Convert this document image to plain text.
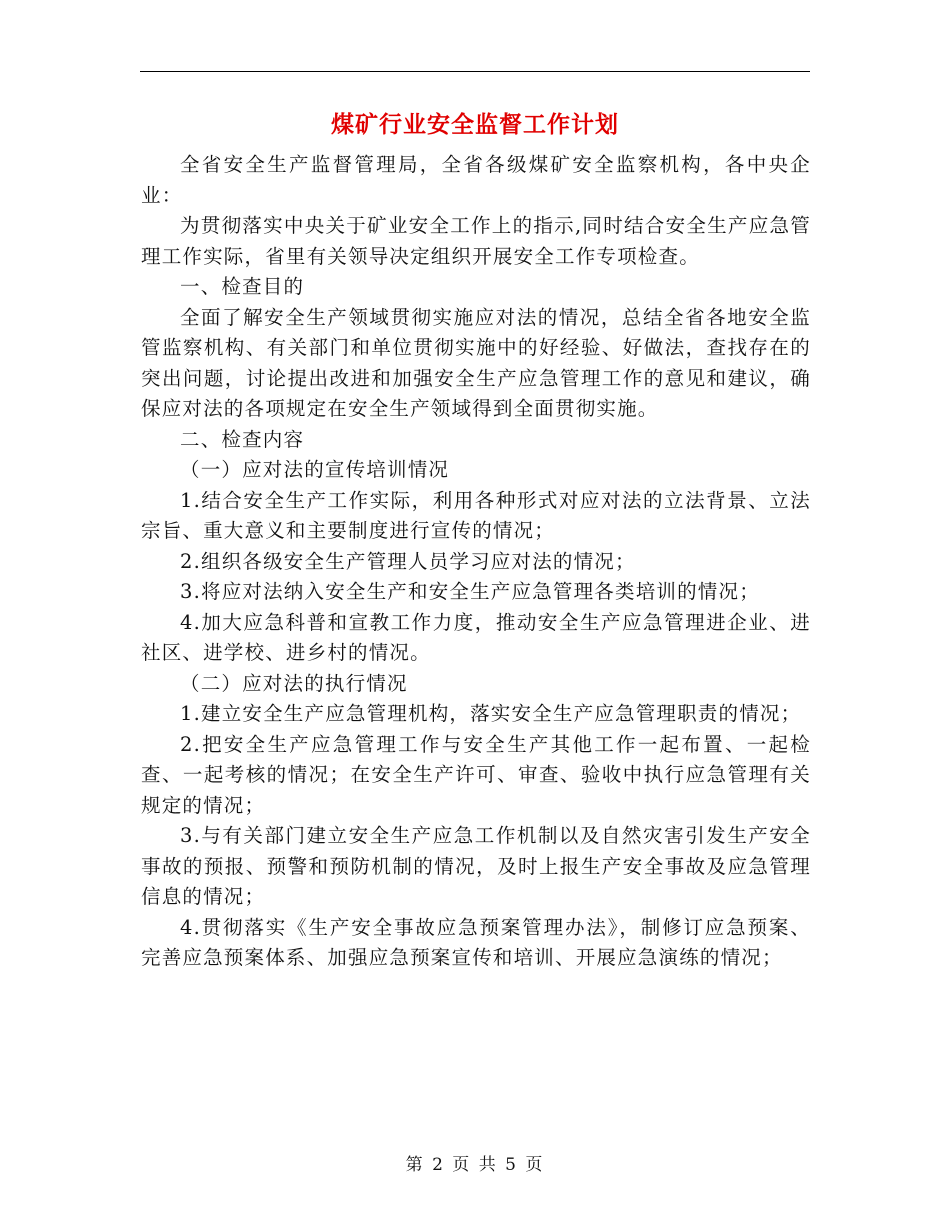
煤矿行业安全监督工作计划

全省安全生产监督管理局，全省各级煤矿安全监察机构，各中央企业：

为贯彻落实中央关于矿业安全工作上的指示,同时结合安全生产应急管理工作实际，省里有关领导决定组织开展安全工作专项检查。

一、检查目的

全面了解安全生产领域贯彻实施应对法的情况，总结全省各地安全监管监察机构、有关部门和单位贯彻实施中的好经验、好做法，查找存在的突出问题，讨论提出改进和加强安全生产应急管理工作的意见和建议，确保应对法的各项规定在安全生产领域得到全面贯彻实施。

二、检查内容

（一）应对法的宣传培训情况

1.结合安全生产工作实际，利用各种形式对应对法的立法背景、立法宗旨、重大意义和主要制度进行宣传的情况；

2.组织各级安全生产管理人员学习应对法的情况；

3.将应对法纳入安全生产和安全生产应急管理各类培训的情况；

4.加大应急科普和宣教工作力度，推动安全生产应急管理进企业、进社区、进学校、进乡村的情况。

（二）应对法的执行情况

1.建立安全生产应急管理机构，落实安全生产应急管理职责的情况；

2.把安全生产应急管理工作与安全生产其他工作一起布置、一起检查、一起考核的情况；在安全生产许可、审查、验收中执行应急管理有关规定的情况；

3.与有关部门建立安全生产应急工作机制以及自然灾害引发生产安全事故的预报、预警和预防机制的情况，及时上报生产安全事故及应急管理信息的情况；

4.贯彻落实《生产安全事故应急预案管理办法》，制修订应急预案、完善应急预案体系、加强应急预案宣传和培训、开展应急演练的情况；

第 2 页 共 5 页
